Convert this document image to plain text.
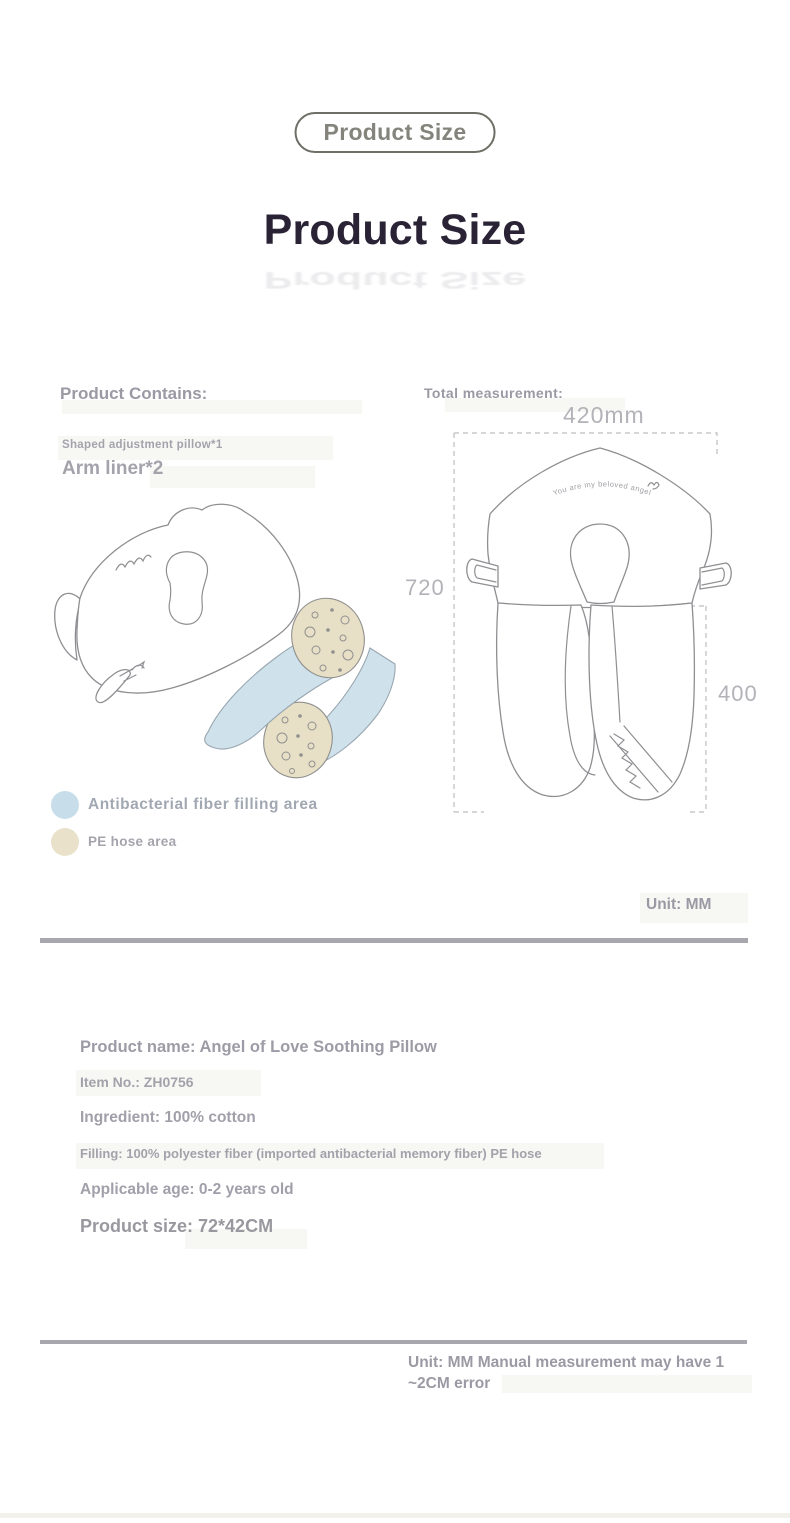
Product Size
Product Size
Product Size
Product Contains:	Total measurement:
Shaped adjustment pillow*1
Arm liner*2
420mm
720
400
You are my beloved angel
Antibacterial fiber filling area
PE hose area
Unit: MM
Product name: Angel of Love Soothing Pillow
Item No.: ZH0756
Ingredient: 100% cotton
Filling: 100% polyester fiber (imported antibacterial memory fiber) PE hose
Applicable age: 0-2 years old
Product size: 72*42CM
Unit: MM Manual measurement may have 1 ~2CM error
